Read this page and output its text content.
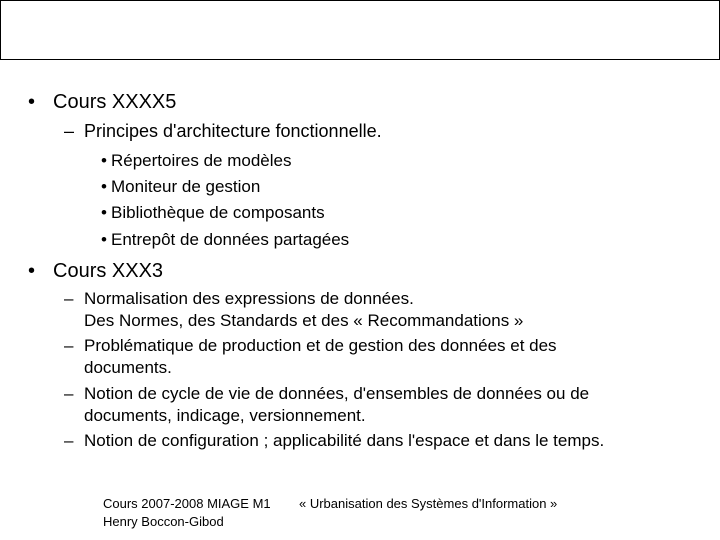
• Cours XXXX5
– Principes d'architecture fonctionnelle.
• Répertoires de modèles
• Moniteur de gestion
• Bibliothèque de composants
• Entrepôt de données partagées
• Cours XXX3
– Normalisation des expressions de données.
Des Normes, des Standards et des « Recommandations »
– Problématique de production et de gestion des données et des
documents.
– Notion de cycle de vie de données, d'ensembles de données ou de
documents, indicage, versionnement.
– Notion de configuration ; applicabilité dans l'espace et dans le temps.
Cours 2007-2008 MIAGE M1
Henry Boccon-Gibod
« Urbanisation des Systèmes d'Information »
